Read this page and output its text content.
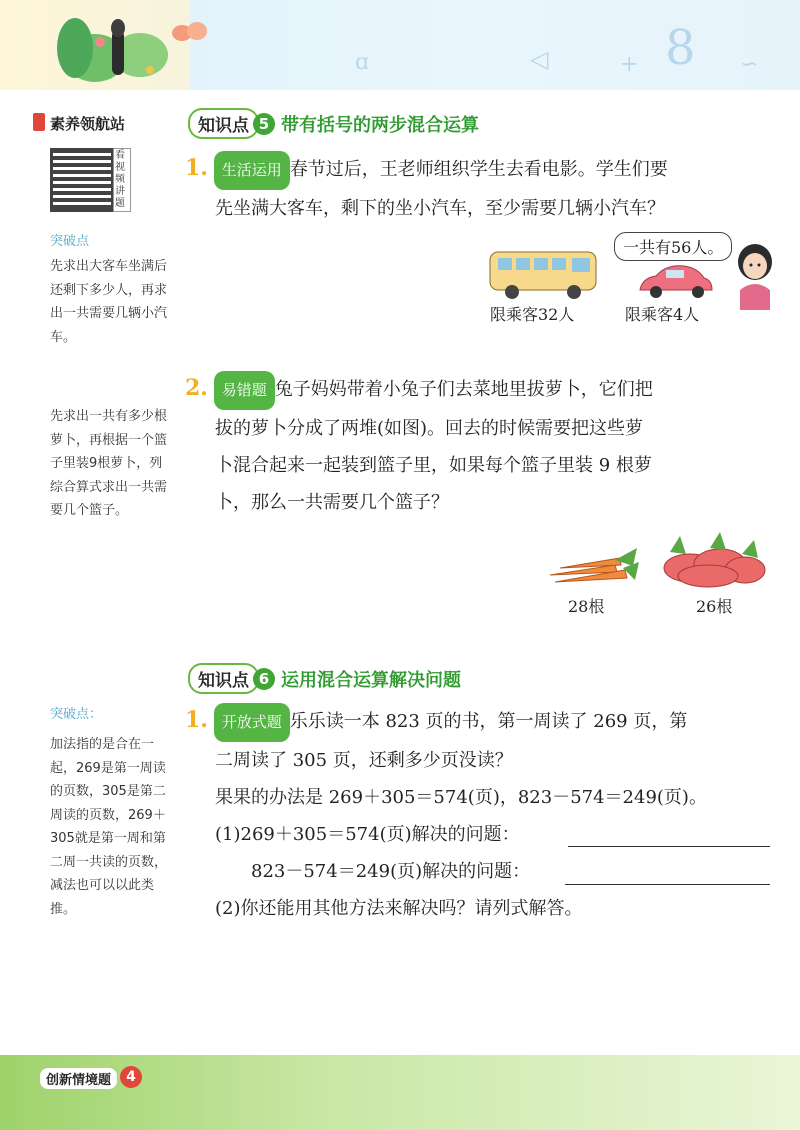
ɑ	◁	+ 8 ∽
素养领航站
看视频讲题
突破点
先求出大客车坐满后还剩下多少人，再求出一共需要几辆小汽车。
先求出一共有多少根萝卜，再根据一个篮子里装9根萝卜，列综合算式求出一共需要几个篮子。
突破点：
加法指的是合在一起，269是第一周读的页数，305是第二周读的页数，269＋305就是第一周和第二周一共读的页数，减法也可以以此类推。
知识点 5 带有括号的两步混合运算
1. 生活运用 春节过后，王老师组织学生去看电影。学生们要
先坐满大客车，剩下的坐小汽车，至少需要几辆小汽车？
限乘客32人	限乘客4人
一共有56人。
2. 易错题 兔子妈妈带着小兔子们去菜地里拔萝卜，它们把
拔的萝卜分成了两堆(如图)。回去的时候需要把这些萝
卜混合起来一起装到篮子里，如果每个篮子里装 9 根萝
卜，那么一共需要几个篮子？
28根	26根
知识点 6 运用混合运算解决问题
1. 开放式题 乐乐读一本 823 页的书，第一周读了 269 页，第
二周读了 305 页，还剩多少页没读？
果果的办法是 269＋305＝574(页)，823－574＝249(页)。
(1)269＋305＝574(页)解决的问题：
823－574＝249(页)解决的问题：
(2)你还能用其他方法来解决吗？请列式解答。
创新情境题	4
